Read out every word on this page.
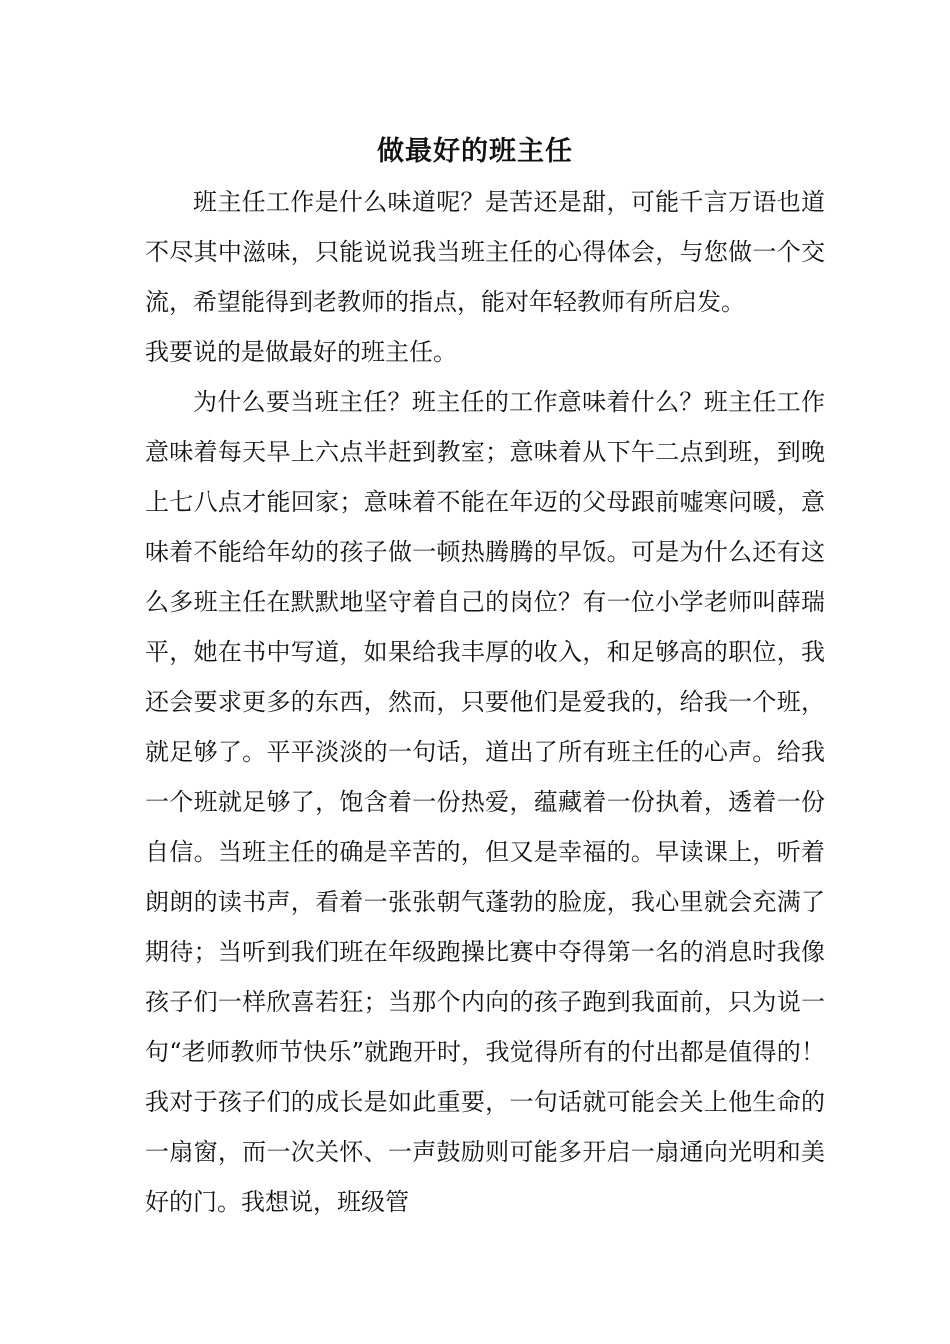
做最好的班主任

班主任工作是什么味道呢？是苦还是甜，可能千言万语也道不尽其中滋味，只能说说我当班主任的心得体会，与您做一个交流，希望能得到老教师的指点，能对年轻教师有所启发。

我要说的是做最好的班主任。

为什么要当班主任？班主任的工作意味着什么？班主任工作意味着每天早上六点半赶到教室；意味着从下午二点到班，到晚上七八点才能回家；意味着不能在年迈的父母跟前嘘寒问暖，意味着不能给年幼的孩子做一顿热腾腾的早饭。可是为什么还有这么多班主任在默默地坚守着自己的岗位？有一位小学老师叫薛瑞平，她在书中写道，如果给我丰厚的收入，和足够高的职位，我还会要求更多的东西，然而，只要他们是爱我的，给我一个班，就足够了。平平淡淡的一句话，道出了所有班主任的心声。给我一个班就足够了，饱含着一份热爱，蕴藏着一份执着，透着一份自信。当班主任的确是辛苦的，但又是幸福的。早读课上，听着朗朗的读书声，看着一张张朝气蓬勃的脸庞，我心里就会充满了期待；当听到我们班在年级跑操比赛中夺得第一名的消息时我像孩子们一样欣喜若狂；当那个内向的孩子跑到我面前，只为说一句“老师教师节快乐”就跑开时，我觉得所有的付出都是值得的！我对于孩子们的成长是如此重要，一句话就可能会关上他生命的一扇窗，而一次关怀、一声鼓励则可能多开启一扇通向光明和美好的门。我想说，班级管
